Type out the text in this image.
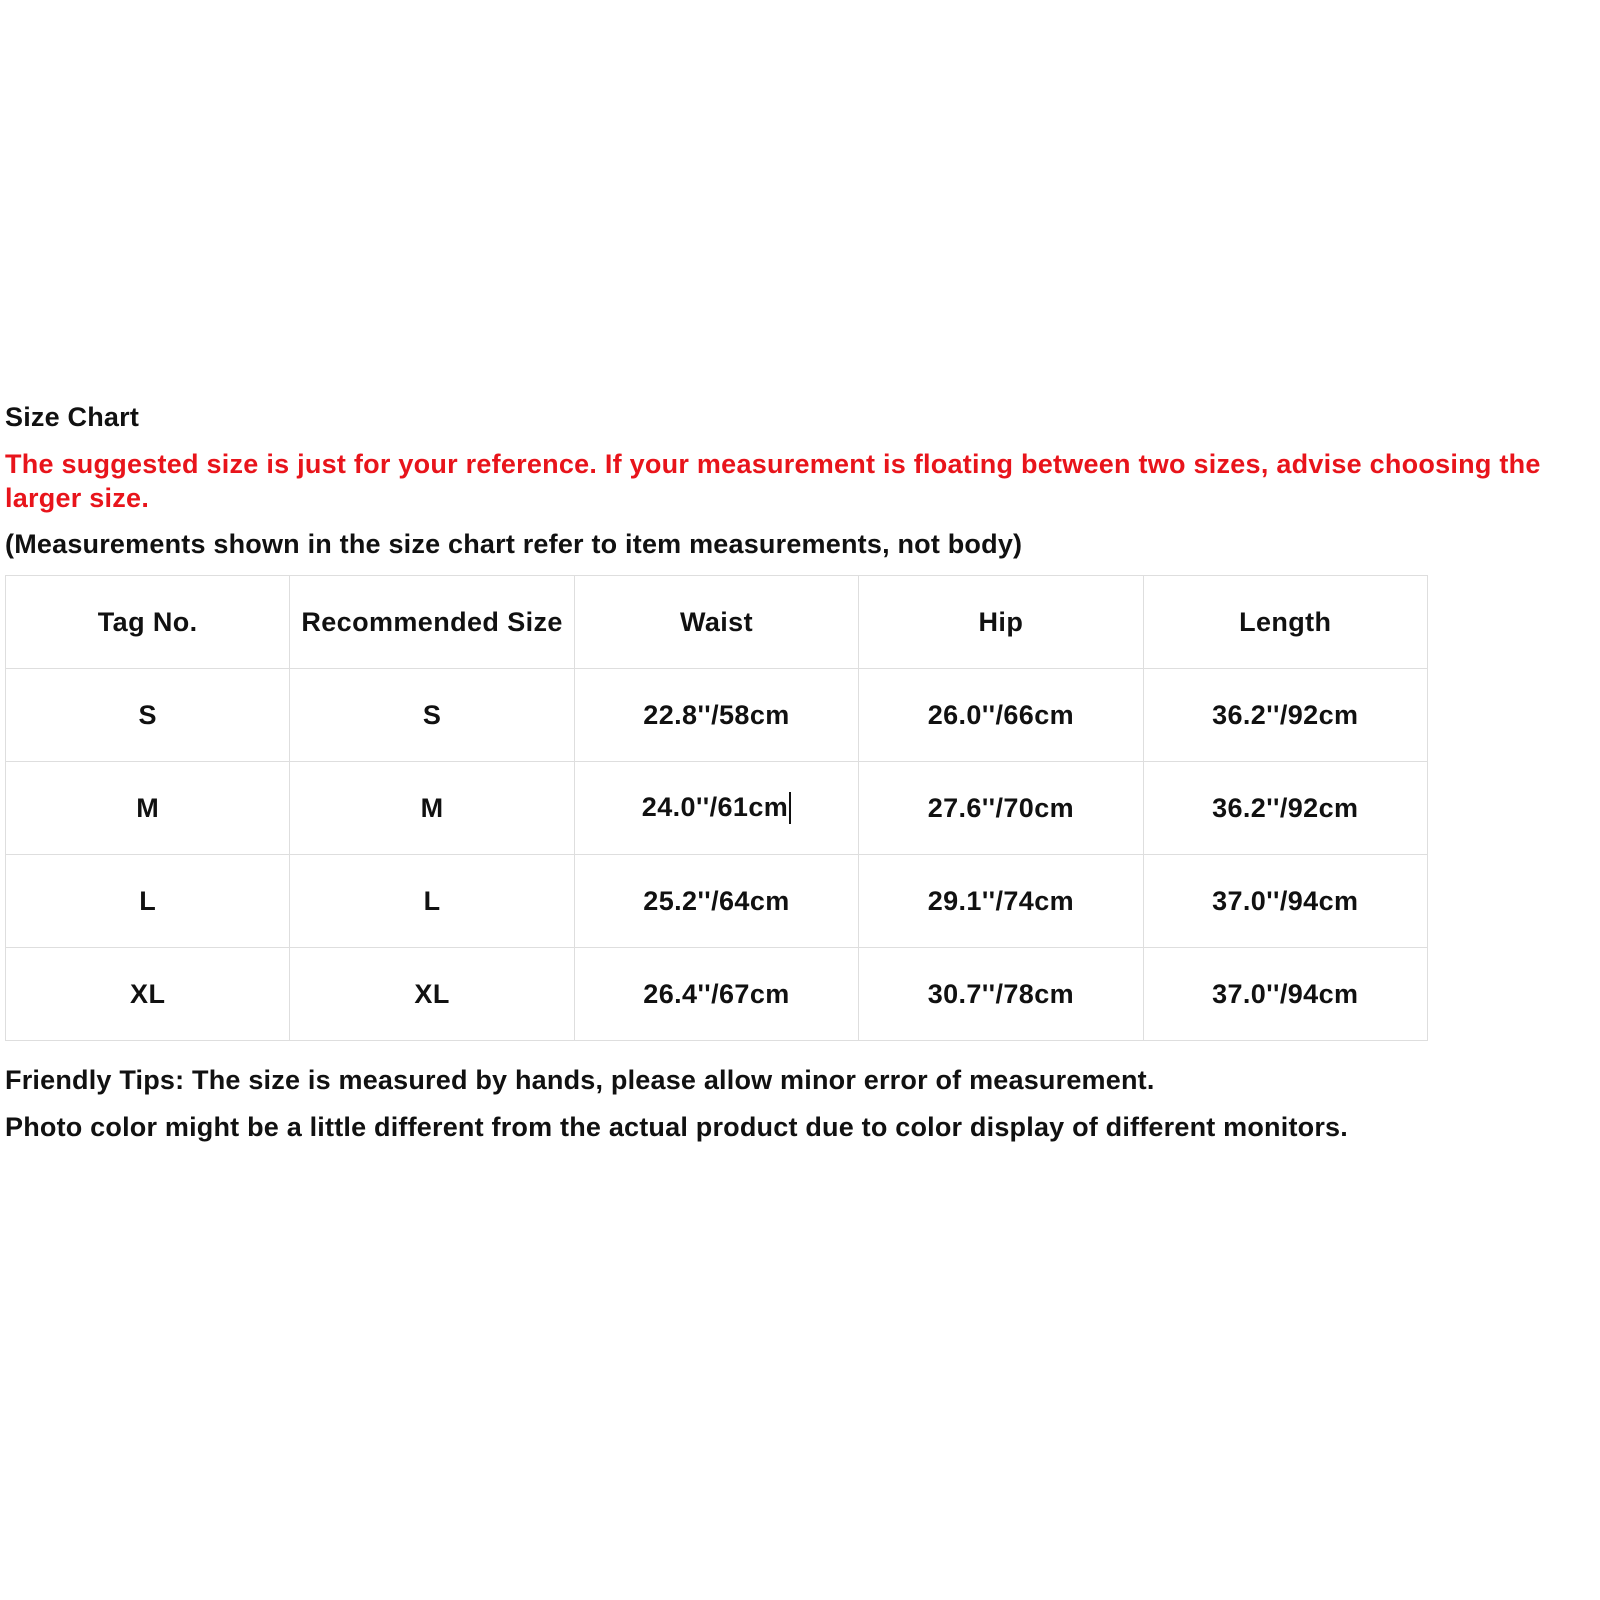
Size Chart
The suggested size is just for your reference. If your measurement is floating between two sizes, advise choosing the larger size.
(Measurements shown in the size chart refer to item measurements, not body)
Tag No.	Recommended Size	Waist	Hip	Length
S	S	22.8''/58cm	26.0''/66cm	36.2''/92cm
M	M	24.0''/61cm	27.6''/70cm	36.2''/92cm
L	L	25.2''/64cm	29.1''/74cm	37.0''/94cm
XL	XL	26.4''/67cm	30.7''/78cm	37.0''/94cm

Friendly Tips: The size is measured by hands, please allow minor error of measurement.

Photo color might be a little different from the actual product due to color display of different monitors.
